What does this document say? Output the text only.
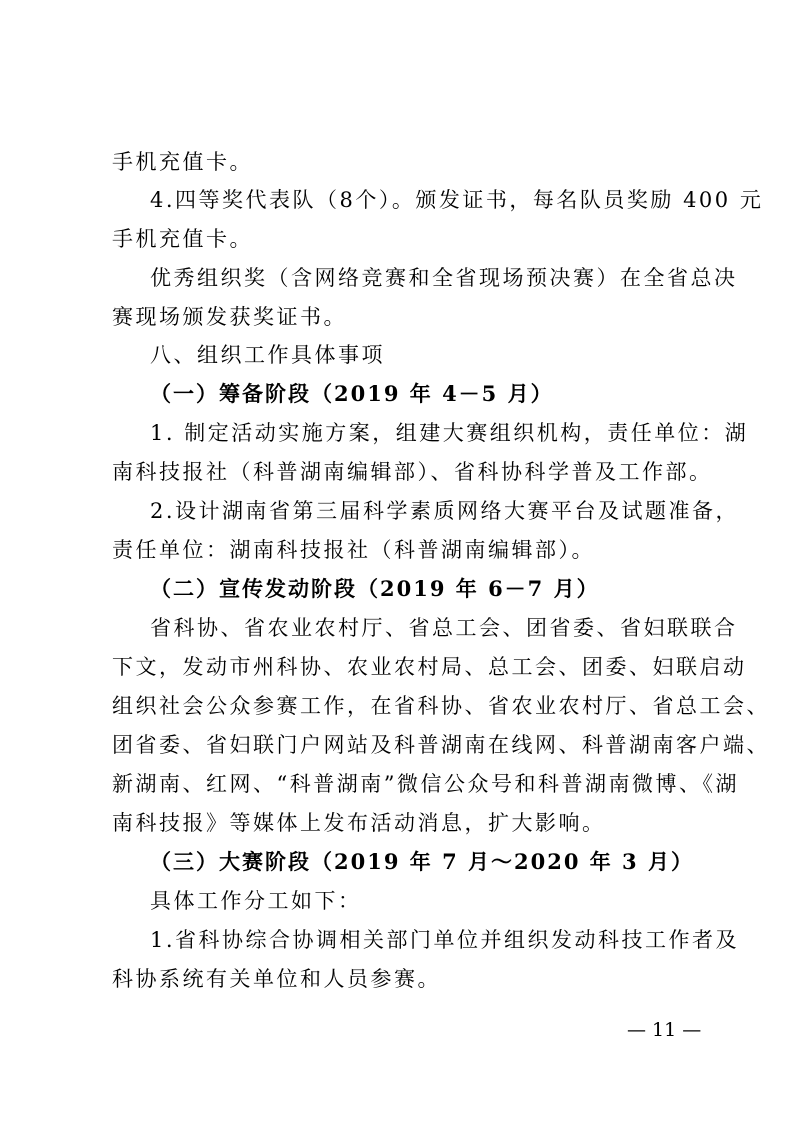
手机充值卡。
4.四等奖代表队（8个）。颁发证书，每名队员奖励 400 元
手机充值卡。
优秀组织奖（含网络竞赛和全省现场预决赛）在全省总决
赛现场颁发获奖证书。
八、组织工作具体事项
（一）筹备阶段（2019 年 4－5 月）
1. 制定活动实施方案，组建大赛组织机构，责任单位：湖
南科技报社（科普湖南编辑部）、省科协科学普及工作部。
2.设计湖南省第三届科学素质网络大赛平台及试题准备，
责任单位：湖南科技报社（科普湖南编辑部）。
（二）宣传发动阶段（2019 年 6－7 月）
省科协、省农业农村厅、省总工会、团省委、省妇联联合
下文，发动市州科协、农业农村局、总工会、团委、妇联启动
组织社会公众参赛工作，在省科协、省农业农村厅、省总工会、
团省委、省妇联门户网站及科普湖南在线网、科普湖南客户端、
新湖南、红网、“科普湖南”微信公众号和科普湖南微博、《湖
南科技报》等媒体上发布活动消息，扩大影响。
（三）大赛阶段（2019 年 7 月～2020 年 3 月）
具体工作分工如下：
1.省科协综合协调相关部门单位并组织发动科技工作者及
科协系统有关单位和人员参赛。
— 11 —
